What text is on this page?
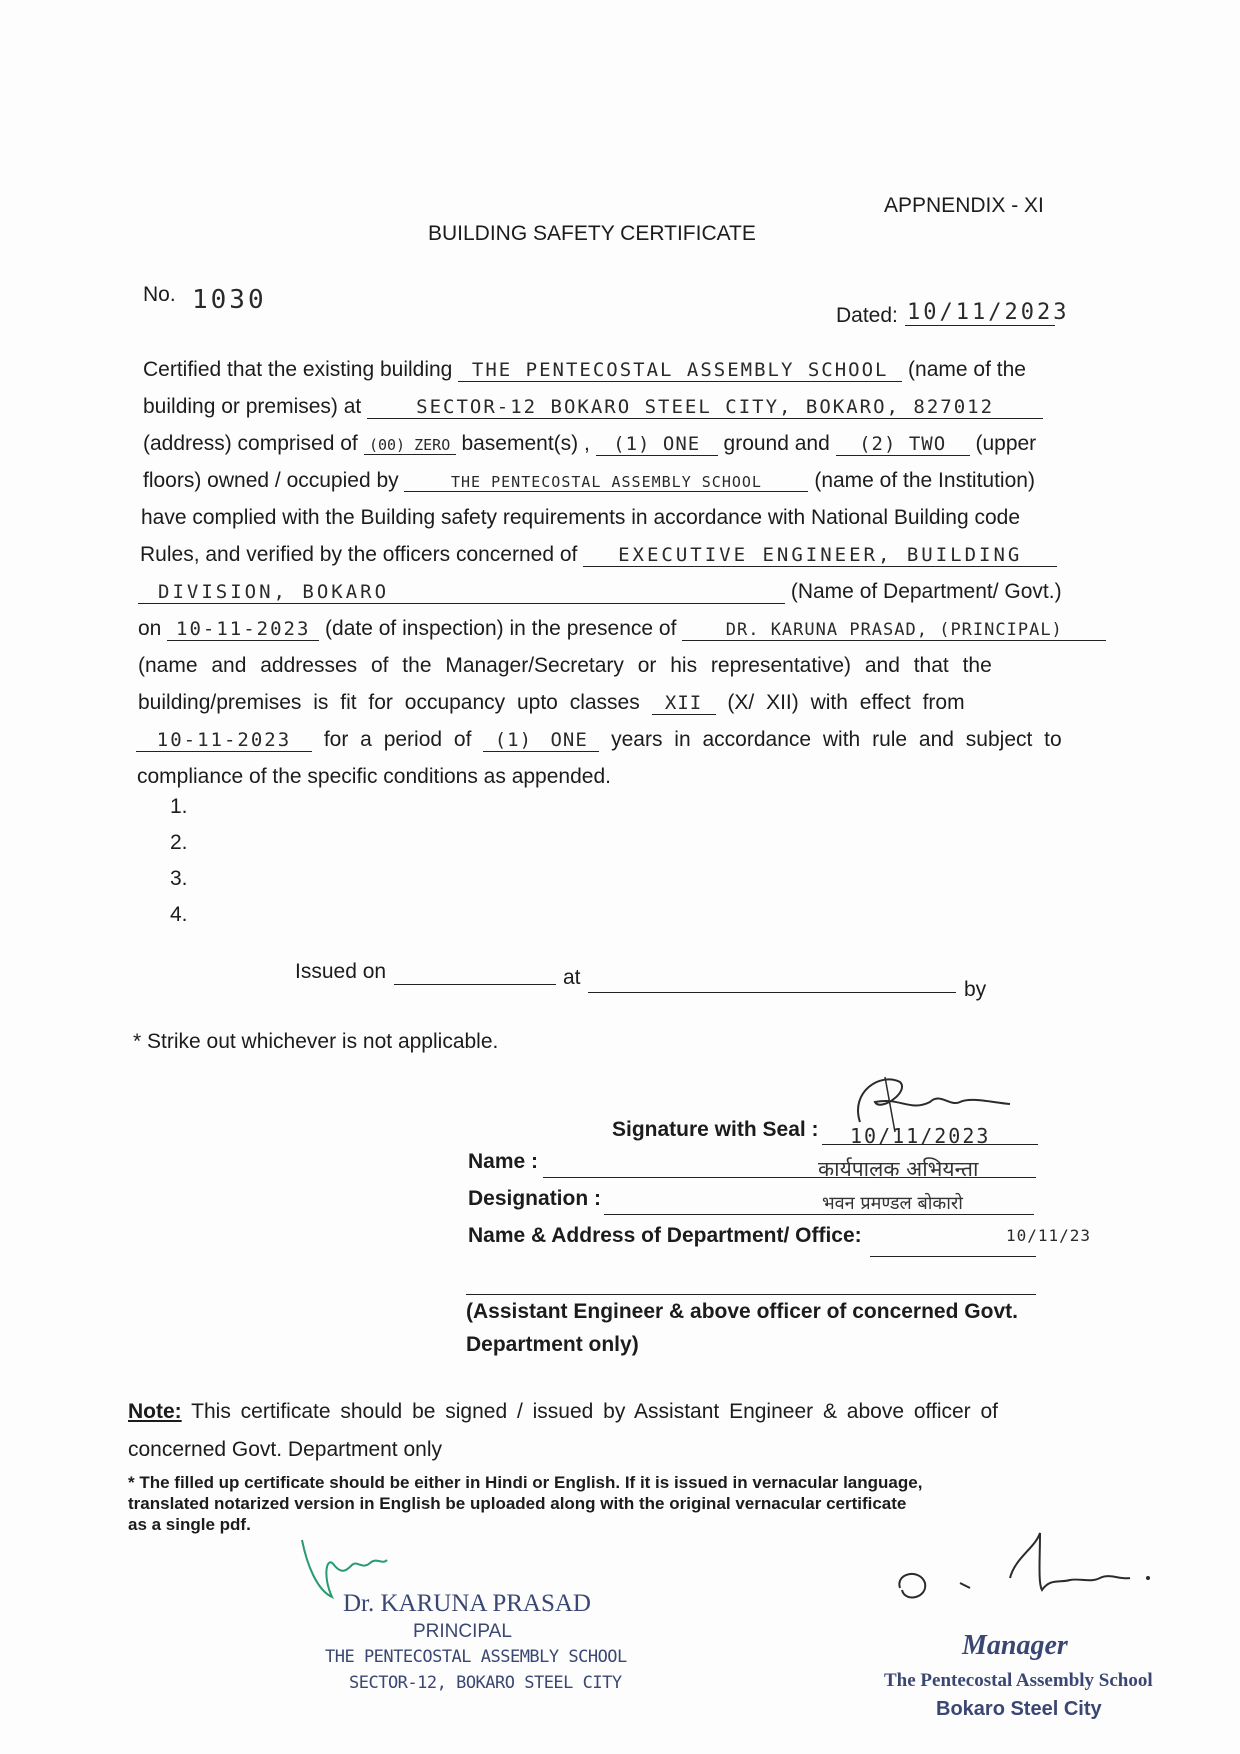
APPNENDIX - XI
BUILDING SAFETY CERTIFICATE
No. 1030
Dated: 10/11/2023
Certified that the existing building THE PENTECOSTAL ASSEMBLY SCHOOL (name of the
building or premises) at	SECTOR-12 BOKARO STEEL CITY, BOKARO, 827012
(address) comprised of (00) ZERO basement(s) , (1) ONE ground and (2) TWO (upper
floors) owned / occupied by	THE PENTECOSTAL ASSEMBLY SCHOOL (name of the Institution)
have complied with the Building safety requirements in accordance with National Building code
Rules, and verified by the officers concerned of EXECUTIVE ENGINEER, BUILDING
DIVISION, BOKARO	(Name of Department/ Govt.)
on 10-11-2023 (date of inspection) in the presence of	DR. KARUNA PRASAD, (PRINCIPAL)
(name and addresses of the Manager/Secretary or his representative) and that the
building/premises is fit for occupancy upto classes XII (X/ XII) with effect from
10-11-2023 for a period of (1) ONE years in accordance with rule and subject to
compliance of the specific conditions as appended.
1.
2.
3.
4.
Issued on	at
by
* Strike out whichever is not applicable.
Signature with Seal : 10/11/2023
Name :	कार्यपालक अभियन्ता
Designation :	भवन प्रमण्डल बोकारो
Name & Address of Department/ Office:	10/11/23
(Assistant Engineer & above officer of concerned Govt.
Department only)
Note: This certificate should be signed / issued by Assistant Engineer & above officer of
concerned Govt. Department only
* The filled up certificate should be either in Hindi or English. If it is issued in vernacular language,
translated notarized version in English be uploaded along with the original vernacular certificate
as a single pdf.
Dr. KARUNA PRASAD
PRINCIPAL
THE PENTECOSTAL ASSEMBLY SCHOOL
SECTOR-12, BOKARO STEEL CITY
Manager
The Pentecostal Assembly School
Bokaro Steel City
